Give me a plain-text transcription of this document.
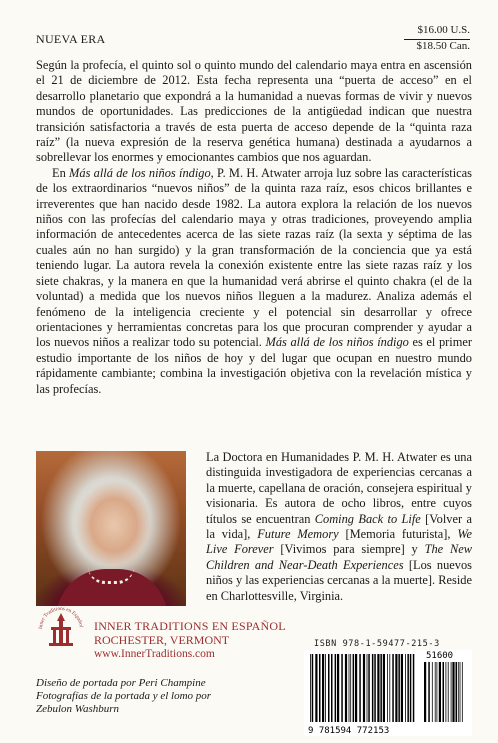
NUEVA ERA
$16.00 U.S.
$18.50 Can.

Según la profecía, el quinto sol o quinto mundo del calendario maya entra en ascensión el 21 de diciembre de 2012. Esta fecha representa una “puerta de acceso” en el desarrollo planetario que expondrá a la humanidad a nuevas formas de vivir y nuevos mundos de oportunidades. Las predicciones de la antigüedad indican que nuestra transición satisfactoria a través de esta puerta de acceso depende de la “quinta raza raíz” (la nueva expresión de la reserva genética humana) destinada a ayudarnos a sobrellevar los enormes y emocionantes cambios que nos aguardan.

En Más allá de los niños índigo, P. M. H. Atwater arroja luz sobre las características de los extraordinarios “nuevos niños” de la quinta raza raíz, esos chicos brillantes e irreverentes que han nacido desde 1982. La autora explora la relación de los nuevos niños con las profecías del calendario maya y otras tradiciones, proveyendo amplia información de antecedentes acerca de las siete razas raíz (la sexta y séptima de las cuales aún no han surgido) y la gran transformación de la conciencia que ya está teniendo lugar. La autora revela la conexión existente entre las siete razas raíz y los siete chakras, y la manera en que la humanidad verá abrirse el quinto chakra (el de la voluntad) a medida que los nuevos niños lleguen a la madurez. Analiza además el fenómeno de la inteligencia creciente y el potencial sin desarrollar y ofrece orientaciones y herramientas concretas para los que procuran comprender y ayudar a los nuevos niños a realizar todo su potencial. Más allá de los niños índigo es el primer estudio importante de los niños de hoy y del lugar que ocupan en nuestro mundo rápidamente cambiante; combina la investigación objetiva con la revelación mística y las profecías.

La Doctora en Humanidades P. M. H. Atwater es una distinguida investigadora de experiencias cercanas a la muerte, capellana de oración, consejera espiritual y visionaria. Es autora de ocho libros, entre cuyos títulos se encuentran Coming Back to Life [Volver a la vida], Future Memory [Memoria futurista], We Live Forever [Vivimos para siempre] y The New Children and Near-Death Experiences [Los nuevos niños y las experiencias cercanas a la muerte]. Reside en Charlottesville, Virginia.
Inner Traditions en Español INNER TRADITIONS EN ESPAÑOL
ROCHESTER, VERMONT
www.InnerTraditions.com
Diseño de portada por Peri Champine
Fotografías de la portada y el lomo por
Zebulon Washburn
ISBN 978-1-59477-215-3
9 781594 772153
51600
